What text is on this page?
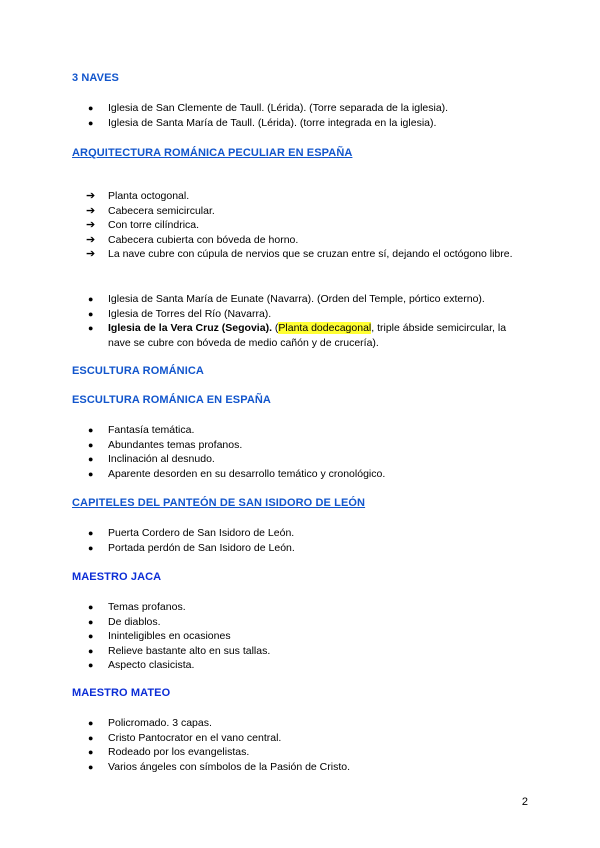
3 NAVES
● Iglesia de San Clemente de Taull. (Lérida). (Torre separada de la iglesia).
● Iglesia de Santa María de Taull. (Lérida). (torre integrada en la iglesia).
ARQUITECTURA ROMÁNICA PECULIAR EN ESPAÑA
➔ Planta octogonal.
➔ Cabecera semicircular.
➔ Con torre cilíndrica.
➔ Cabecera cubierta con bóveda de horno.
➔ La nave cubre con cúpula de nervios que se cruzan entre sí, dejando el octógono libre.
● Iglesia de Santa María de Eunate (Navarra). (Orden del Temple, pórtico externo).
● Iglesia de Torres del Río (Navarra).
● Iglesia de la Vera Cruz (Segovia). (Planta dodecagonal, triple ábside semicircular, la nave se cubre con bóveda de medio cañón y de crucería).
ESCULTURA ROMÁNICA
ESCULTURA ROMÁNICA EN ESPAÑA
● Fantasía temática.
● Abundantes temas profanos.
● Inclinación al desnudo.
● Aparente desorden en su desarrollo temático y cronológico.
CAPITELES DEL PANTEÓN DE SAN ISIDORO DE LEÓN
● Puerta Cordero de San Isidoro de León.
● Portada perdón de San Isidoro de León.
MAESTRO JACA
● Temas profanos.
● De diablos.
● Ininteligibles en ocasiones
● Relieve bastante alto en sus tallas.
● Aspecto clasicista.
MAESTRO MATEO
● Policromado. 3 capas.
● Cristo Pantocrator en el vano central.
● Rodeado por los evangelistas.
● Varios ángeles con símbolos de la Pasión de Cristo.
2
